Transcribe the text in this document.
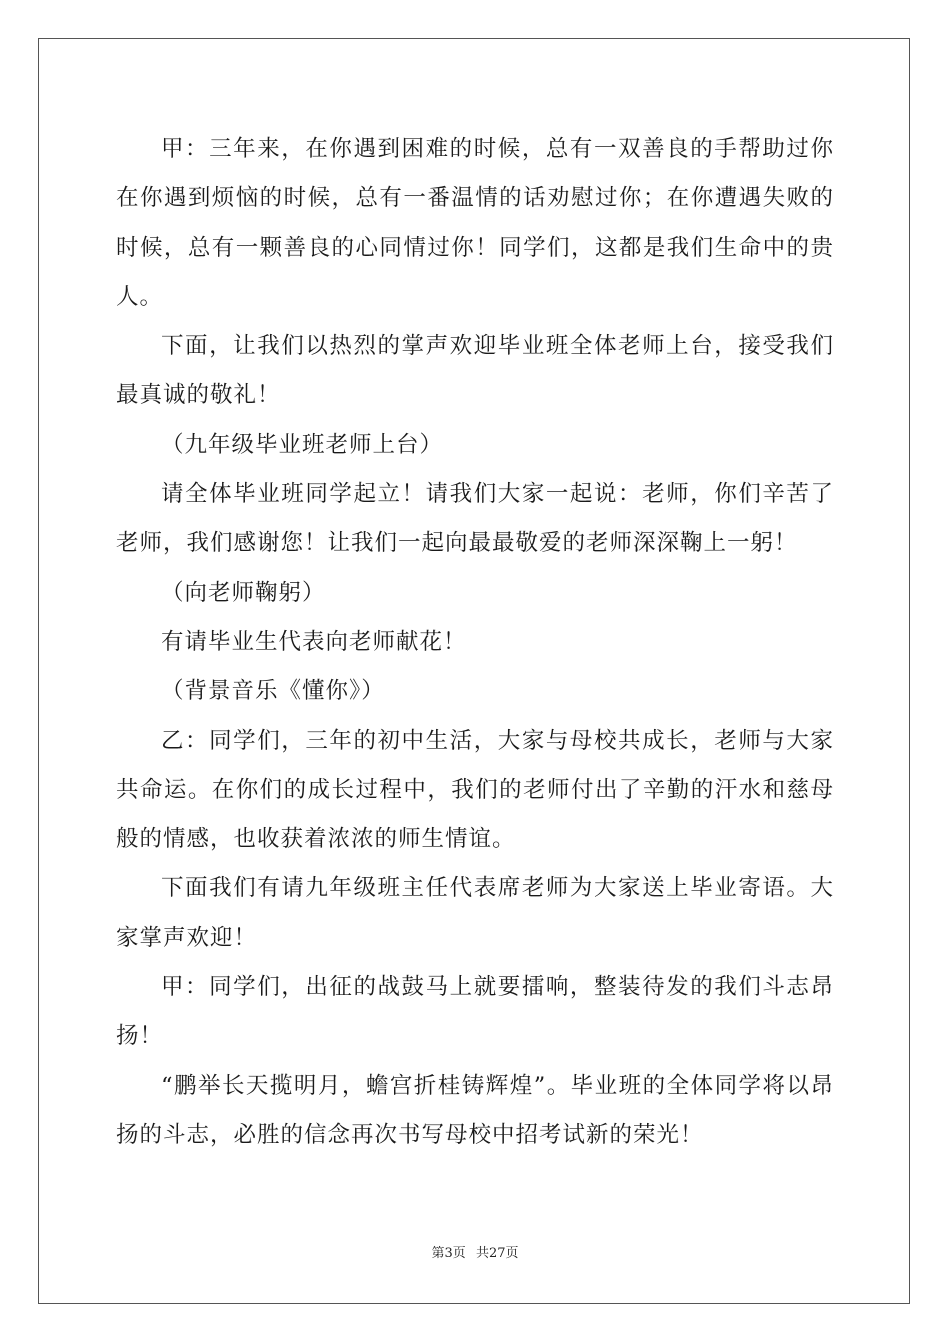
甲：三年来，在你遇到困难的时候，总有一双善良的手帮助过你在你遇到烦恼的时候，总有一番温情的话劝慰过你；在你遭遇失败的时候，总有一颗善良的心同情过你！同学们，这都是我们生命中的贵人。

下面，让我们以热烈的掌声欢迎毕业班全体老师上台，接受我们最真诚的敬礼！

（九年级毕业班老师上台）

请全体毕业班同学起立！请我们大家一起说：老师，你们辛苦了老师，我们感谢您！让我们一起向最最敬爱的老师深深鞠上一躬！

（向老师鞠躬）

有请毕业生代表向老师献花！

（背景音乐《懂你》）

乙：同学们，三年的初中生活，大家与母校共成长，老师与大家共命运。在你们的成长过程中，我们的老师付出了辛勤的汗水和慈母般的情感，也收获着浓浓的师生情谊。

下面我们有请九年级班主任代表席老师为大家送上毕业寄语。大家掌声欢迎！

甲：同学们，出征的战鼓马上就要擂响，整装待发的我们斗志昂扬！

“鹏举长天揽明月，蟾宫折桂铸辉煌”。毕业班的全体同学将以昂扬的斗志，必胜的信念再次书写母校中招考试新的荣光！

第3页 共27页
